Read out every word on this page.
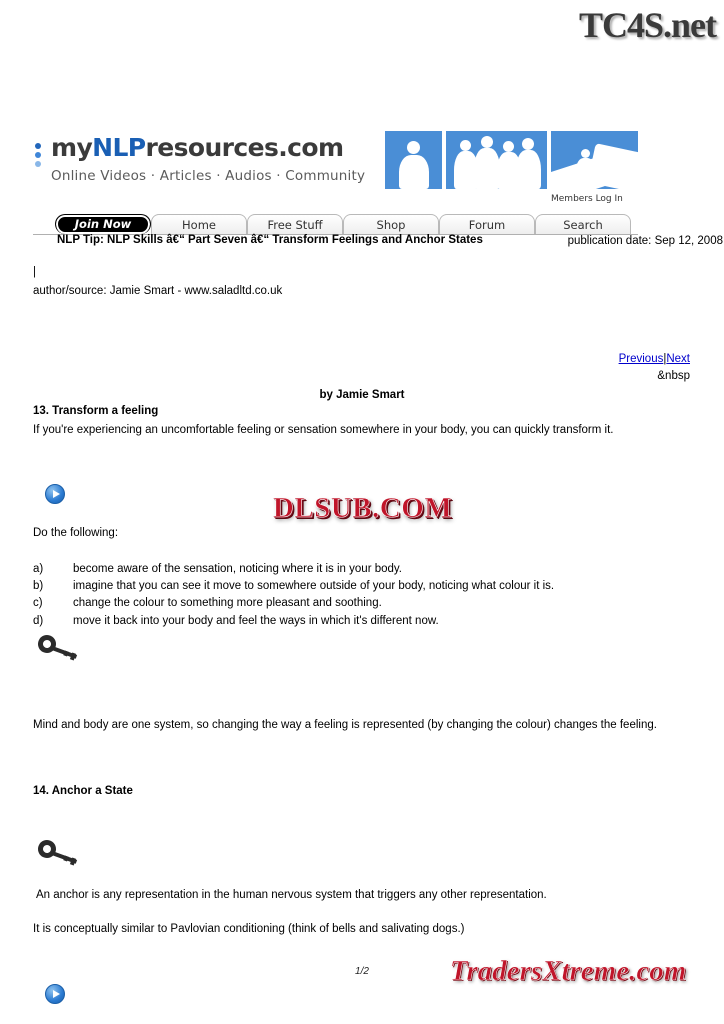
TC4S.net
myNLPresources.com
Online Videos · Articles · Audios · Community
Members Log In
Join Now	Home	Free Stuff	Shop	Forum	Search
NLP Tip: NLP Skills â€“ Part Seven â€“ Transform Feelings and Anchor States	publication date: Sep 12, 2008
|
author/source: Jamie Smart - www.saladltd.co.uk
Previous|Next
&nbsp
by Jamie Smart
13. Transform a feeling
If you're experiencing an uncomfortable feeling or sensation somewhere in your body, you can quickly transform it.
DLSUB.COM
Do the following:
a)	become aware of the sensation, noticing where it is in your body.
b)	imagine that you can see it move to somewhere outside of your body, noticing what colour it is.
c)	change the colour to something more pleasant and soothing.
d)	move it back into your body and feel the ways in which it's different now.
Mind and body are one system, so changing the way a feeling is represented (by changing the colour) changes the feeling.
14. Anchor a State
An anchor is any representation in the human nervous system that triggers any other representation.
It is conceptually similar to Pavlovian conditioning (think of bells and salivating dogs.)
1/2	TradersXtreme.com
